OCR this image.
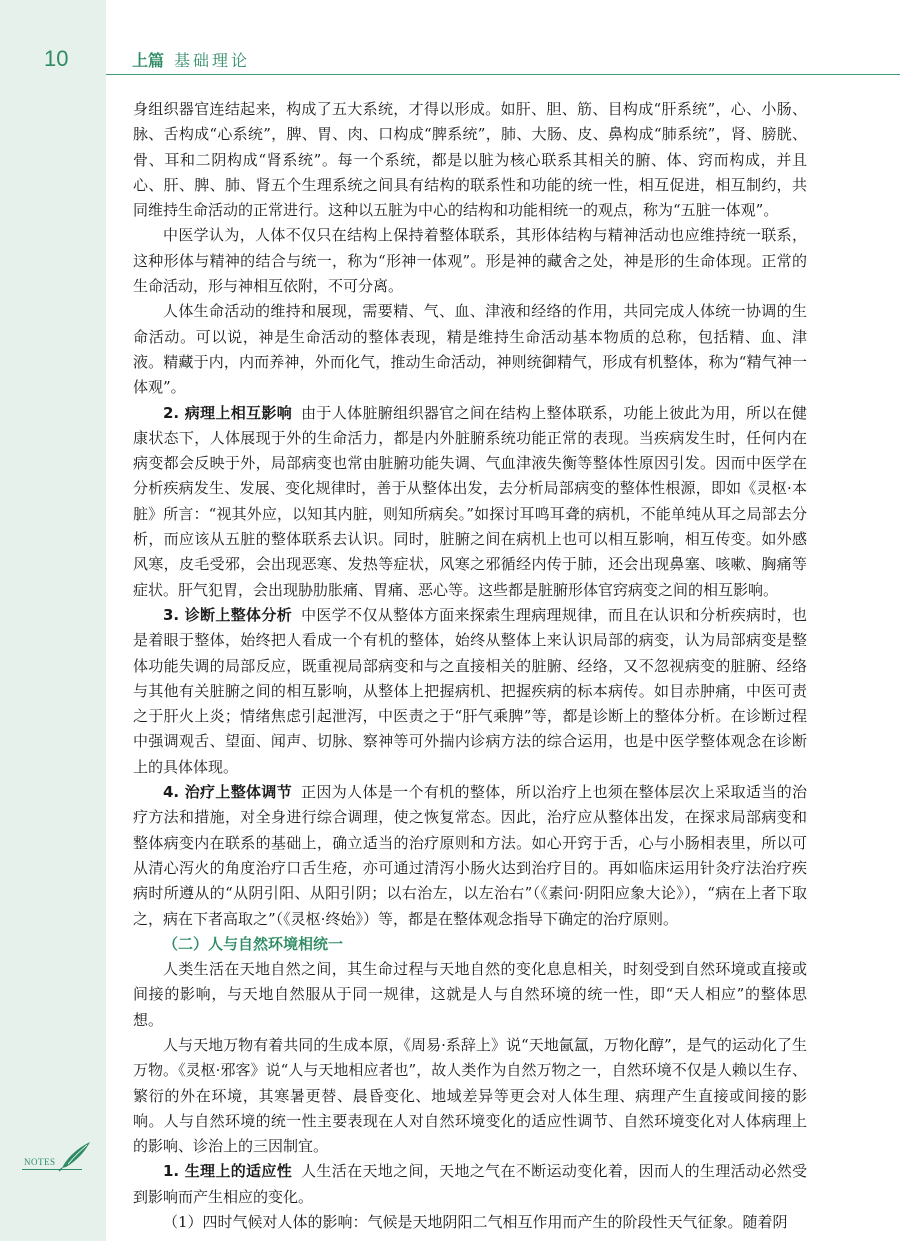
10	上篇 基础理论

身组织器官连结起来，构成了五大系统，才得以形成。如肝、胆、筋、目构成“肝系统”，心、小肠、脉、舌构成“心系统”，脾、胃、肉、口构成“脾系统”，肺、大肠、皮、鼻构成“肺系统”，肾、膀胱、骨、耳和二阴构成“肾系统”。每一个系统，都是以脏为核心联系其相关的腑、体、窍而构成，并且心、肝、脾、肺、肾五个生理系统之间具有结构的联系性和功能的统一性，相互促进，相互制约，共同维持生命活动的正常进行。这种以五脏为中心的结构和功能相统一的观点，称为“五脏一体观”。

中医学认为，人体不仅只在结构上保持着整体联系，其形体结构与精神活动也应维持统一联系，这种形体与精神的结合与统一，称为“形神一体观”。形是神的藏舍之处，神是形的生命体现。正常的生命活动，形与神相互依附，不可分离。

人体生命活动的维持和展现，需要精、气、血、津液和经络的作用，共同完成人体统一协调的生命活动。可以说，神是生命活动的整体表现，精是维持生命活动基本物质的总称，包括精、血、津液。精藏于内，内而养神，外而化气，推动生命活动，神则统御精气，形成有机整体，称为“精气神一体观”。

2. 病理上相互影响 由于人体脏腑组织器官之间在结构上整体联系，功能上彼此为用，所以在健康状态下，人体展现于外的生命活力，都是内外脏腑系统功能正常的表现。当疾病发生时，任何内在病变都会反映于外，局部病变也常由脏腑功能失调、气血津液失衡等整体性原因引发。因而中医学在分析疾病发生、发展、变化规律时，善于从整体出发，去分析局部病变的整体性根源，即如《灵枢·本脏》所言：“视其外应，以知其内脏，则知所病矣。”如探讨耳鸣耳聋的病机，不能单纯从耳之局部去分析，而应该从五脏的整体联系去认识。同时，脏腑之间在病机上也可以相互影响，相互传变。如外感风寒，皮毛受邪，会出现恶寒、发热等症状，风寒之邪循经内传于肺，还会出现鼻塞、咳嗽、胸痛等症状。肝气犯胃，会出现胁肋胀痛、胃痛、恶心等。这些都是脏腑形体官窍病变之间的相互影响。

3. 诊断上整体分析 中医学不仅从整体方面来探索生理病理规律，而且在认识和分析疾病时，也是着眼于整体，始终把人看成一个有机的整体，始终从整体上来认识局部的病变，认为局部病变是整体功能失调的局部反应，既重视局部病变和与之直接相关的脏腑、经络，又不忽视病变的脏腑、经络与其他有关脏腑之间的相互影响，从整体上把握病机、把握疾病的标本病传。如目赤肿痛，中医可责之于肝火上炎；情绪焦虑引起泄泻，中医责之于“肝气乘脾”等，都是诊断上的整体分析。在诊断过程中强调观舌、望面、闻声、切脉、察神等可外揣内诊病方法的综合运用，也是中医学整体观念在诊断上的具体体现。

4. 治疗上整体调节 正因为人体是一个有机的整体，所以治疗上也须在整体层次上采取适当的治疗方法和措施，对全身进行综合调理，使之恢复常态。因此，治疗应从整体出发，在探求局部病变和整体病变内在联系的基础上，确立适当的治疗原则和方法。如心开窍于舌，心与小肠相表里，所以可从清心泻火的角度治疗口舌生疮，亦可通过清泻小肠火达到治疗目的。再如临床运用针灸疗法治疗疾病时所遵从的“从阴引阳、从阳引阴；以右治左，以左治右”（《素问·阴阳应象大论》），“病在上者下取之，病在下者高取之”（《灵枢·终始》）等，都是在整体观念指导下确定的治疗原则。

（二）人与自然环境相统一

人类生活在天地自然之间，其生命过程与天地自然的变化息息相关，时刻受到自然环境或直接或间接的影响，与天地自然服从于同一规律，这就是人与自然环境的统一性，即“天人相应”的整体思想。

人与天地万物有着共同的生成本原，《周易·系辞上》说“天地氤氲，万物化醇”，是气的运动化了生万物。《灵枢·邪客》说“人与天地相应者也”，故人类作为自然万物之一，自然环境不仅是人赖以生存、繁衍的外在环境，其寒暑更替、晨昏变化、地域差异等更会对人体生理、病理产生直接或间接的影响。人与自然环境的统一性主要表现在人对自然环境变化的适应性调节、自然环境变化对人体病理上的影响、诊治上的三因制宜。

1. 生理上的适应性 人生活在天地之间，天地之气在不断运动变化着，因而人的生理活动必然受到影响而产生相应的变化。

（1）四时气候对人体的影响：气候是天地阴阳二气相互作用而产生的阶段性天气征象。随着阴

NOTES
